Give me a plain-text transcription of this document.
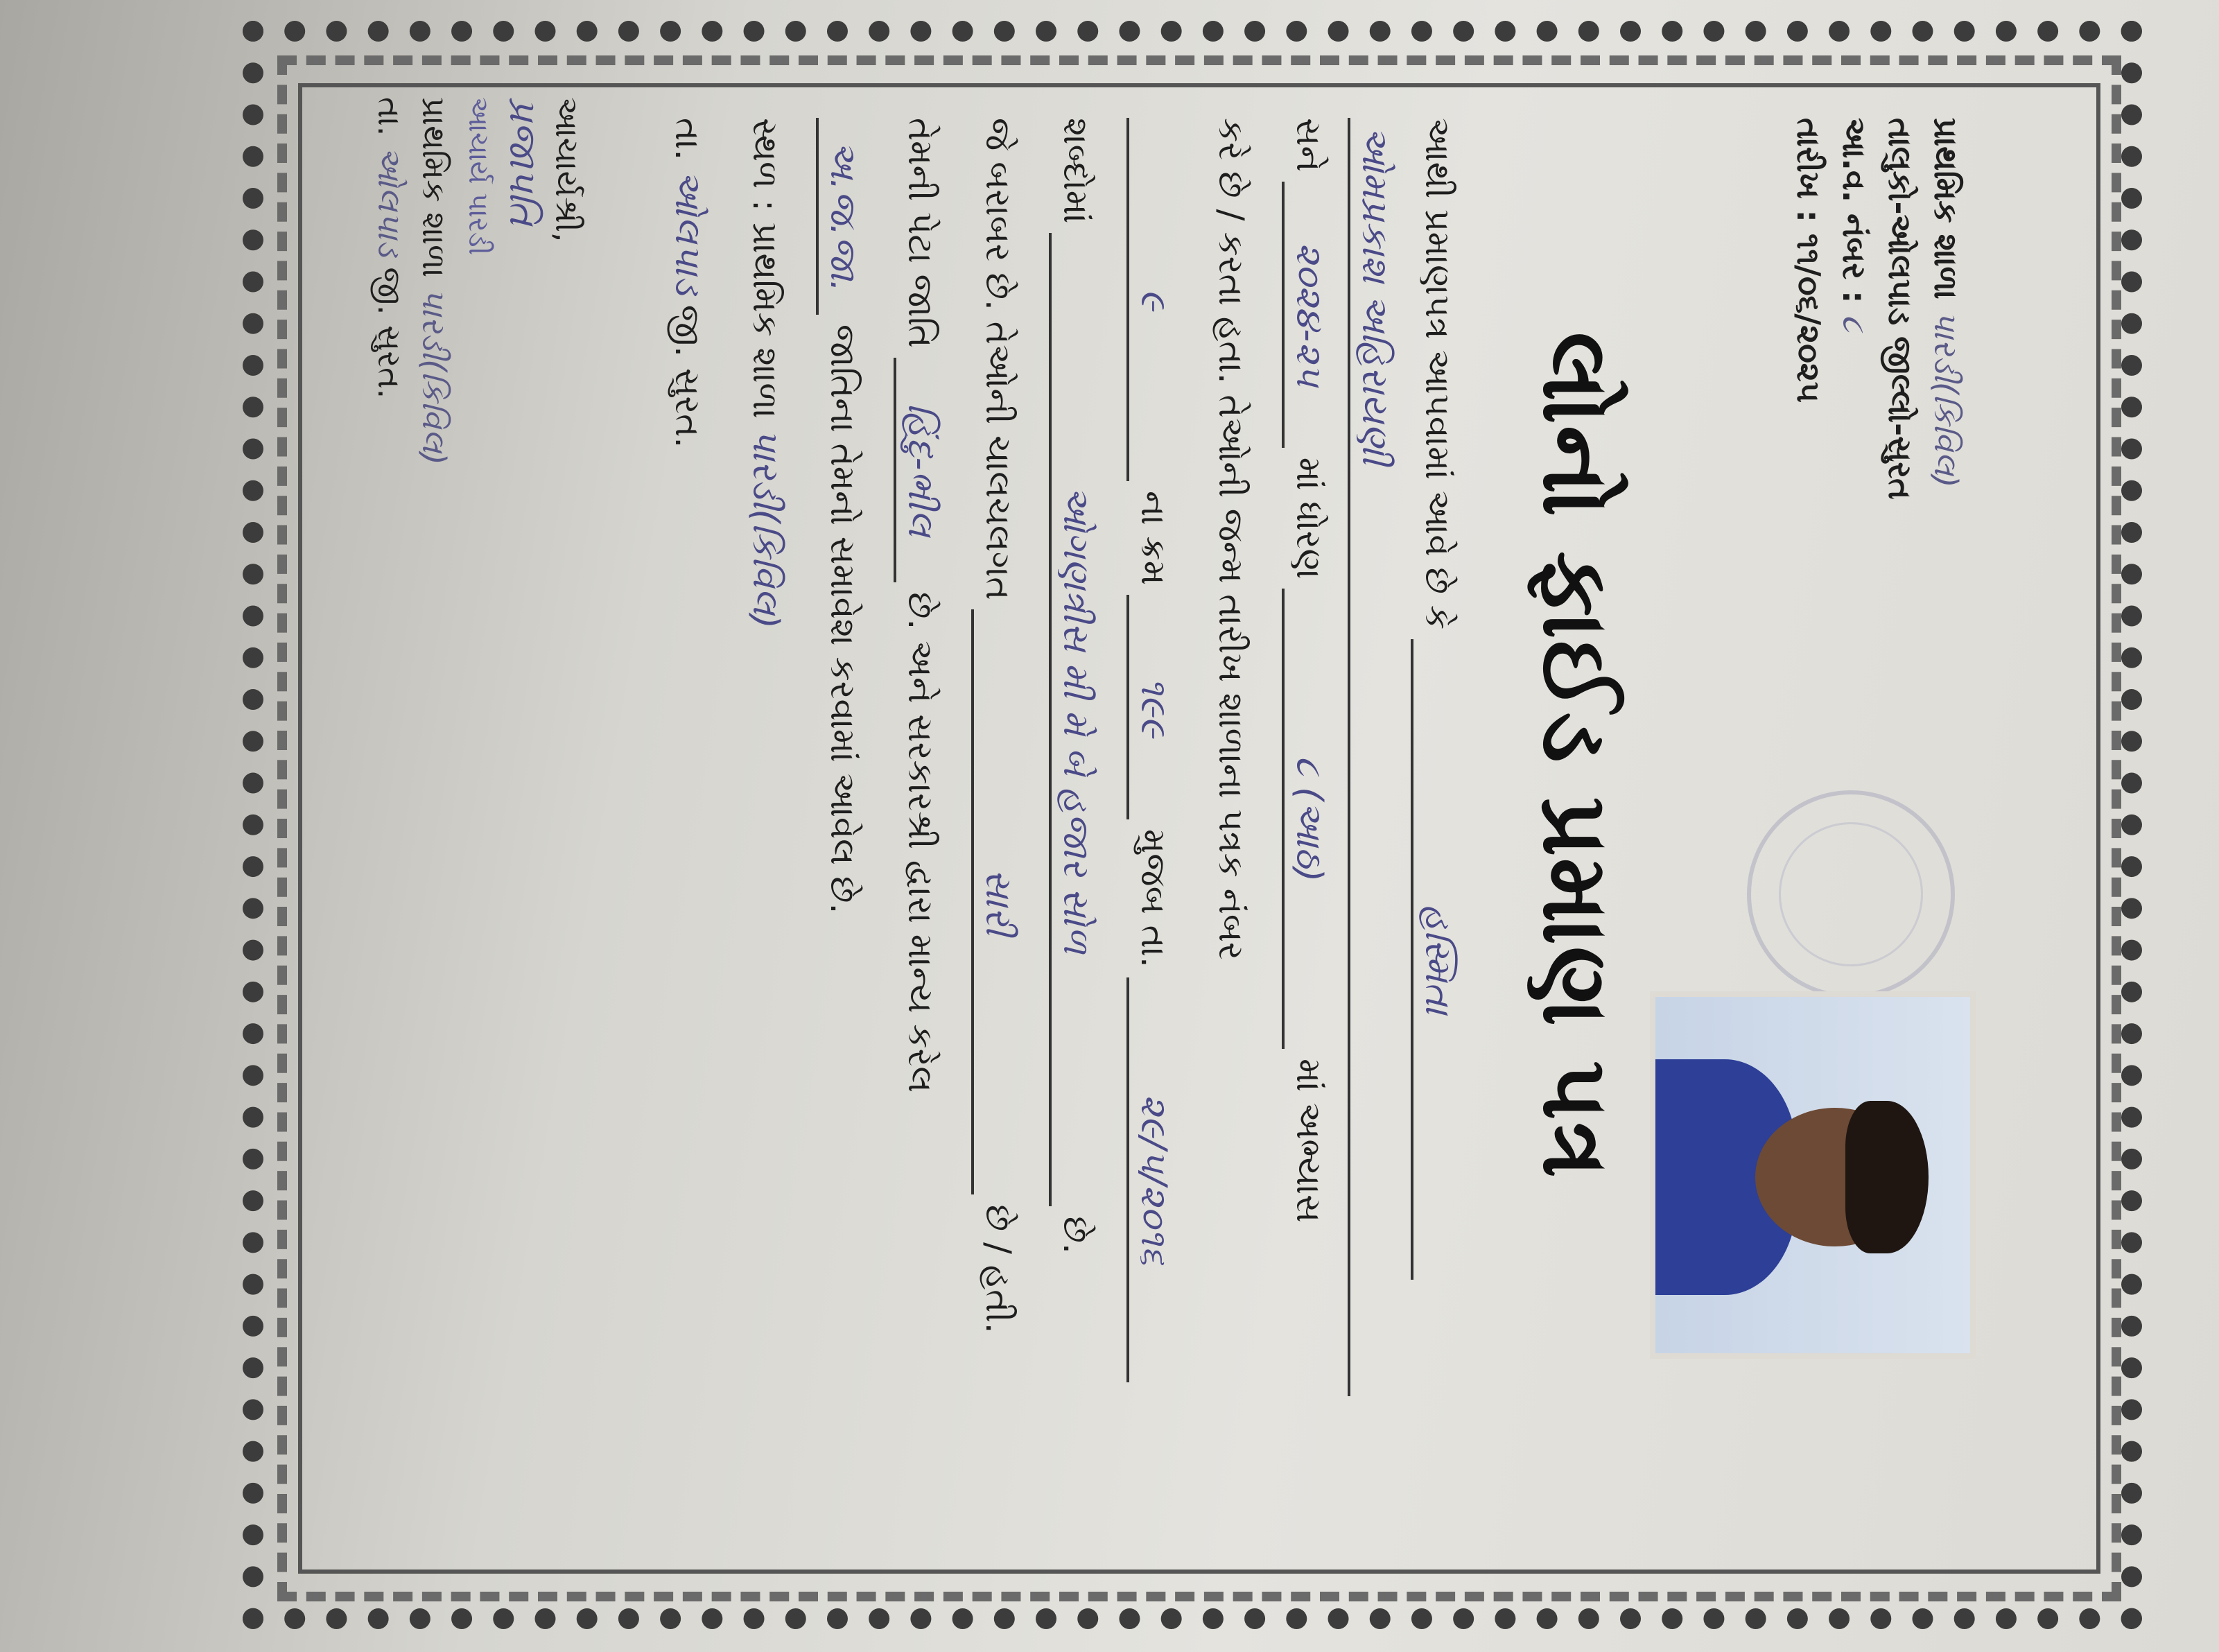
પ્રાથમિક શાળા પારડી(કિવિલ)
તાલુકો-ઓલપાડ જીલ્લો-સુરત
આ.વ. નંબર : ૮
તારીખ : ૧૧/૦૬/૨૦૨૫
લોનો ફાઈડ પ્રમાણ પત્ર
આથી પ્રમાણપત્ર આપવામાં આવે છે કે
હસ્મિતા
ઓમપ્રકાશ અહિરાયણી
સને
૨૦૨૪-૨૫
માં ધોરણ
૮ (આઠ)
માં અભ્યાસ
કરે છે / કરતા હતા. તેઓની જન્મ તારીખ શાળાના પત્રક નંબર
૯
ના ક્રમ
૧૯૯
મુજબ તા.
૨૯/૫/૨૦૧૬
શબ્દોમાં
ઓગણત્રીસ મી મે બે હજાર સોળ
છે.
જે બરાબર છે. તેઓની ચાલચલગત
સારી
છે / હતી.
તેમની પેટા જાતિ
હિંદુ-ભીલ
છે. અને સરકારશ્રી દ્વારા માન્ય કરેલ
અ.જ.જા.
જાતિના તેમનો સમાવેશ કરવામાં આવેલ છે.
સ્થળ : પ્રાથમિક શાળા
પારડી(કિવિલ)
તા.
ઓલપાડ
જી. સુરત.
આચાર્યશ્રી,
પ્રજાપતિ
આચાર્ય પારડી
પ્રાથમિક શાળા પારડી(કિવિલ)
તા. ઓલપાડ જી. સુરત.
